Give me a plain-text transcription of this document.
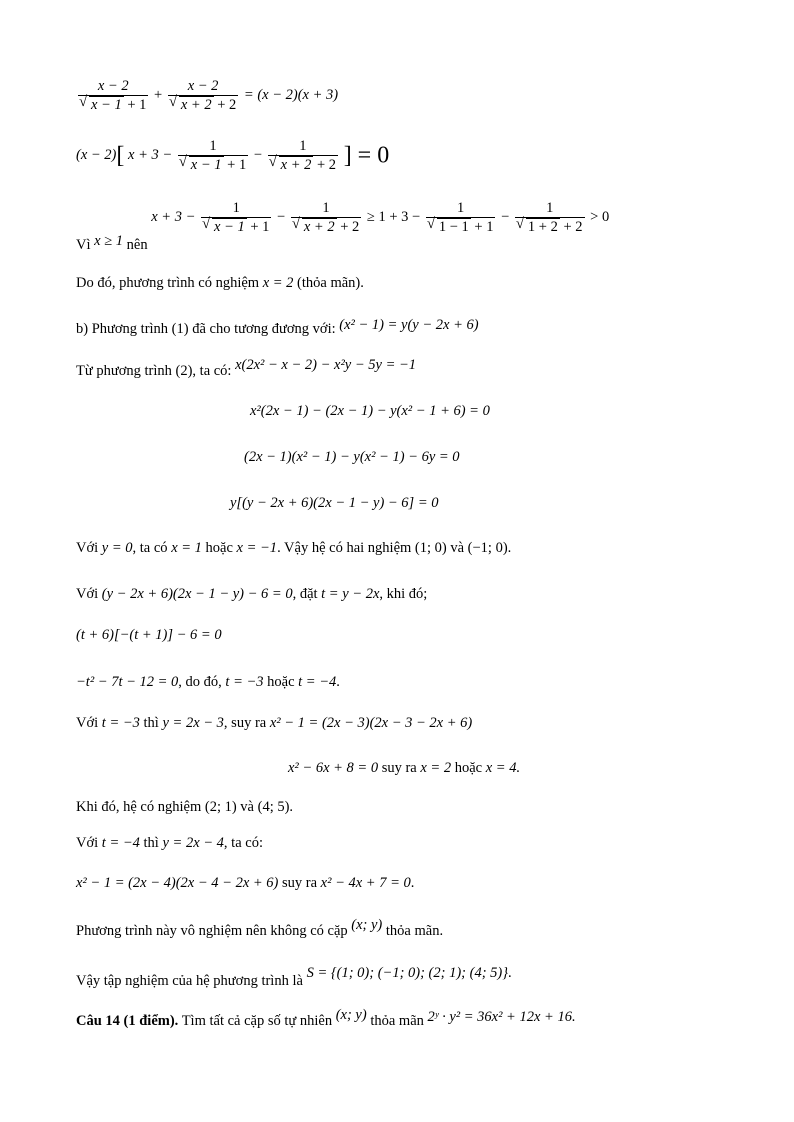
x − 2
√ x − 1 + 1 + x − 2
√ x + 2 + 2 = (x − 2)(x + 3)
(x − 2)[ x + 3 − 1
√ x − 1 + 1 − 1
√ x + 2 + 2 ] = 0
Vì x ≥ 1 nên x + 3 − 1
√ x − 1 + 1 − 1
√ x + 2 + 2 ≥ 1 + 3 − 1
√ 1 − 1 + 1 − 1
√ 1 + 2 + 2 > 0
Do đó, phương trình có nghiệm x = 2 (thỏa mãn).
b) Phương trình (1) đã cho tương đương với: (x² − 1) = y(y − 2x + 6)
Từ phương trình (2), ta có: x(2x² − x − 2) − x²y − 5y = −1
x²(2x − 1) − (2x − 1) − y(x² − 1 + 6) = 0
(2x − 1)(x² − 1) − y(x² − 1) − 6y = 0
y[(y − 2x + 6)(2x − 1 − y) − 6] = 0
Với y = 0, ta có x = 1 hoặc x = −1. Vậy hệ có hai nghiệm (1; 0) và (−1; 0).
Với (y − 2x + 6)(2x − 1 − y) − 6 = 0, đặt t = y − 2x, khi đó;
(t + 6)[−(t + 1)] − 6 = 0
−t² − 7t − 12 = 0, do đó, t = −3 hoặc t = −4.
Với t = −3 thì y = 2x − 3, suy ra x² − 1 = (2x − 3)(2x − 3 − 2x + 6)
x² − 6x + 8 = 0 suy ra x = 2 hoặc x = 4.
Khi đó, hệ có nghiệm (2; 1) và (4; 5).
Với t = −4 thì y = 2x − 4, ta có:
x² − 1 = (2x − 4)(2x − 4 − 2x + 6) suy ra x² − 4x + 7 = 0.
Phương trình này vô nghiệm nên không có cặp (x; y) thỏa mãn.
Vậy tập nghiệm của hệ phương trình là S = {(1; 0); (−1; 0); (2; 1); (4; 5)}.
Câu 14 (1 điểm). Tìm tất cả cặp số tự nhiên (x; y) thỏa mãn 2ʸ · y² = 36x² + 12x + 16.
